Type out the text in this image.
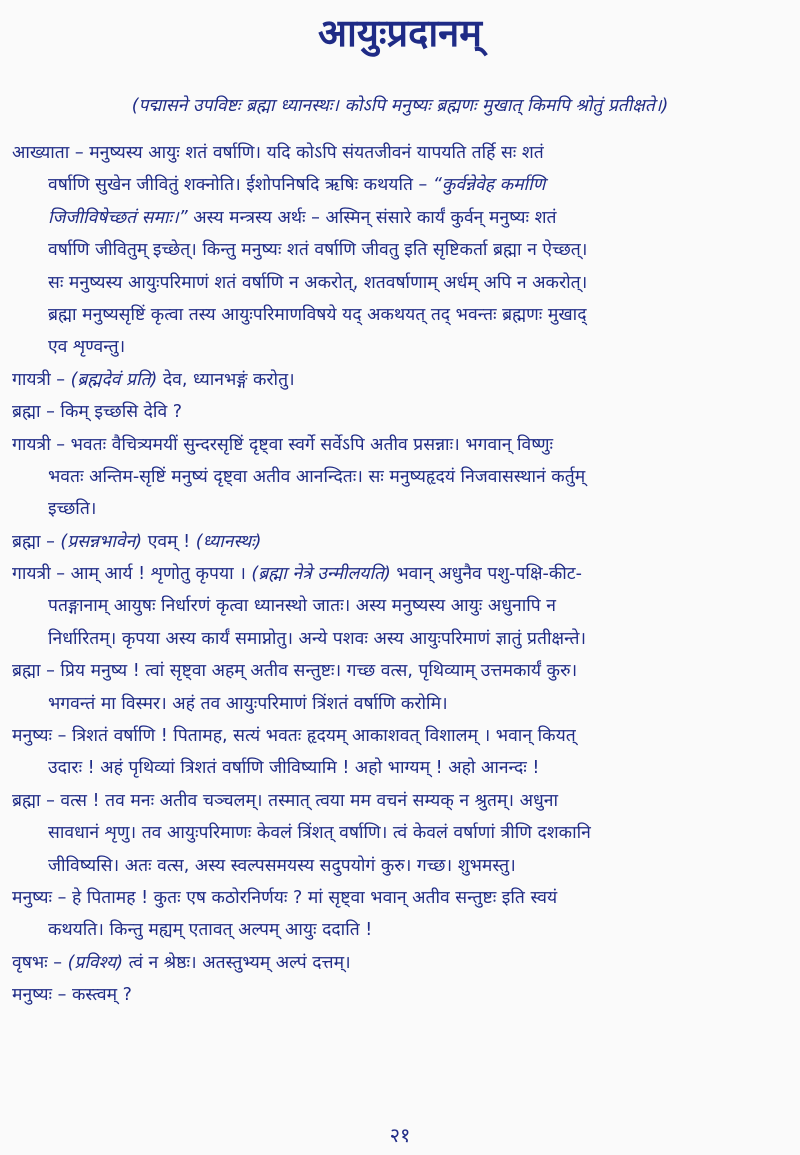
आयुःप्रदानम्
(पद्मासने उपविष्टः ब्रह्मा ध्यानस्थः। कोऽपि मनुष्यः ब्रह्मणः मुखात् किमपि श्रोतुं प्रतीक्षते।)
आख्याता – मनुष्यस्य आयुः शतं वर्षाणि। यदि कोऽपि संयतजीवनं यापयति तर्हि सः शतं
वर्षाणि सुखेन जीवितुं शक्नोति। ईशोपनिषदि ऋषिः कथयति – “कुर्वन्नेवेह कर्माणि
जिजीविषेच्छतं समाः।” अस्य मन्त्रस्य अर्थः – अस्मिन् संसारे कार्यं कुर्वन् मनुष्यः शतं
वर्षाणि जीवितुम् इच्छेत्। किन्तु मनुष्यः शतं वर्षाणि जीवतु इति सृष्टिकर्ता ब्रह्मा न ऐच्छत्।
सः मनुष्यस्य आयुःपरिमाणं शतं वर्षाणि न अकरोत्, शतवर्षाणाम् अर्धम् अपि न अकरोत्।
ब्रह्मा मनुष्यसृष्टिं कृत्वा तस्य आयुःपरिमाणविषये यद् अकथयत् तद् भवन्तः ब्रह्मणः मुखाद्
एव शृण्वन्तु।
गायत्री – (ब्रह्मदेवं प्रति) देव, ध्यानभङ्गं करोतु।
ब्रह्मा – किम् इच्छसि देवि ?
गायत्री – भवतः वैचित्र्यमयीं सुन्दरसृष्टिं दृष्ट्वा स्वर्गे सर्वेऽपि अतीव प्रसन्नाः। भगवान् विष्णुः
भवतः अन्तिम-सृष्टिं मनुष्यं दृष्ट्वा अतीव आनन्दितः। सः मनुष्यहृदयं निजवासस्थानं कर्तुम्
इच्छति।
ब्रह्मा – (प्रसन्नभावेन) एवम् ! (ध्यानस्थः)
गायत्री – आम् आर्य ! शृणोतु कृपया । (ब्रह्मा नेत्रे उन्मीलयति) भवान् अधुनैव पशु-पक्षि-कीट-
पतङ्गानाम् आयुषः निर्धारणं कृत्वा ध्यानस्थो जातः। अस्य मनुष्यस्य आयुः अधुनापि न
निर्धारितम्। कृपया अस्य कार्यं समाप्नोतु। अन्ये पशवः अस्य आयुःपरिमाणं ज्ञातुं प्रतीक्षन्ते।
ब्रह्मा – प्रिय मनुष्य ! त्वां सृष्ट्वा अहम् अतीव सन्तुष्टः। गच्छ वत्स, पृथिव्याम् उत्तमकार्यं कुरु।
भगवन्तं मा विस्मर। अहं तव आयुःपरिमाणं त्रिंशतं वर्षाणि करोमि।
मनुष्यः – त्रिशतं वर्षाणि ! पितामह, सत्यं भवतः हृदयम् आकाशवत् विशालम् । भवान् कियत्
उदारः ! अहं पृथिव्यां त्रिशतं वर्षाणि जीविष्यामि ! अहो भाग्यम् ! अहो आनन्दः !
ब्रह्मा – वत्स ! तव मनः अतीव चञ्चलम्। तस्मात् त्वया मम वचनं सम्यक् न श्रुतम्। अधुना
सावधानं शृणु। तव आयुःपरिमाणः केवलं त्रिंशत् वर्षाणि। त्वं केवलं वर्षाणां त्रीणि दशकानि
जीविष्यसि। अतः वत्स, अस्य स्वल्पसमयस्य सदुपयोगं कुरु। गच्छ। शुभमस्तु।
मनुष्यः – हे पितामह ! कुतः एष कठोरनिर्णयः ? मां सृष्ट्वा भवान् अतीव सन्तुष्टः इति स्वयं
कथयति। किन्तु मह्यम् एतावत् अल्पम् आयुः ददाति !
वृषभः – (प्रविश्य) त्वं न श्रेष्ठः। अतस्तुभ्यम् अल्पं दत्तम्।
मनुष्यः – कस्त्वम् ?
२१
